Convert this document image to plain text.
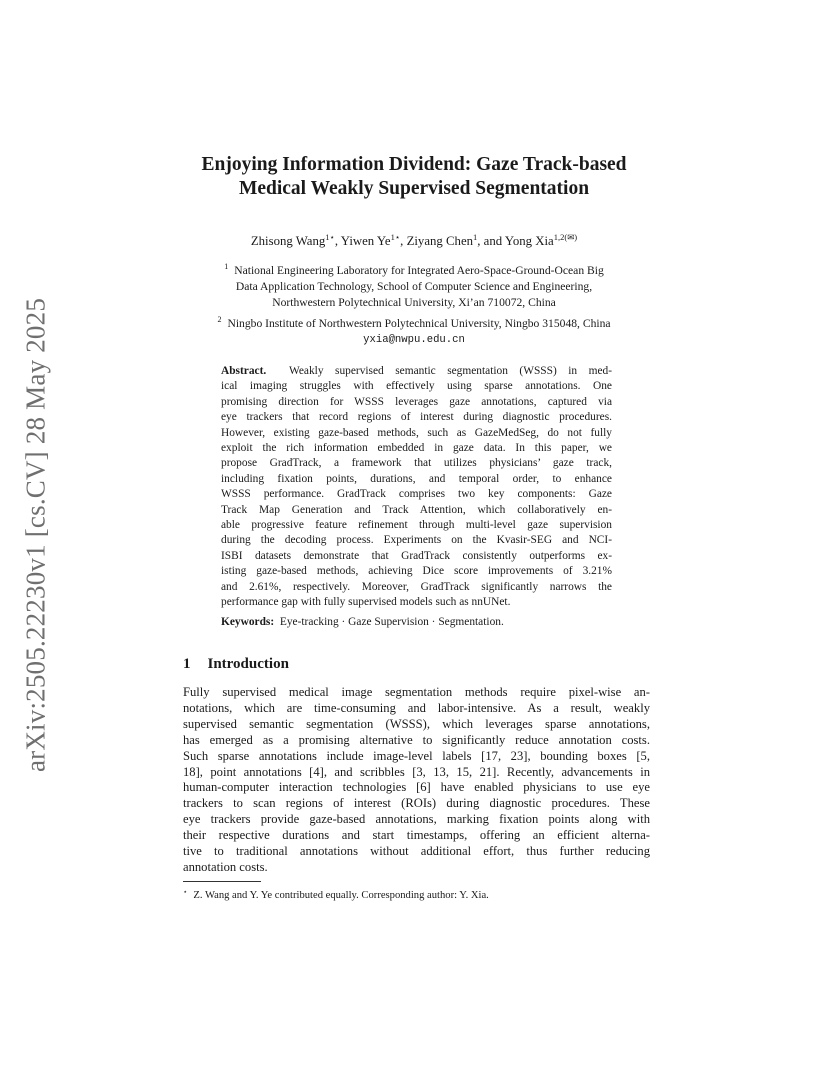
arXiv:2505.22230v1 [cs.CV] 28 May 2025
Enjoying Information Dividend: Gaze Track-based
Medical Weakly Supervised Segmentation
Zhisong Wang$^{1⋆}$, Yiwen $Ye^{1⋆}$, Ziyang Chen$^1$, and Yong Xia$^{1,2(✉)}$
$^1$ National Engineering Laboratory for Integrated Aero-Space-Ground-Ocean Big
Data Application Technology, School of Computer Science and Engineering,
Northwestern Polytechnical University, Xi’an 710072, China
$^2$ Ningbo Institute of Northwestern Polytechnical University, Ningbo 315048, China
yxia@nwpu.edu.cn
Abstract. Weakly supervised semantic segmentation (WSSS) in med-
ical imaging struggles with effectively using sparse annotations. One
promising direction for WSSS leverages gaze annotations, captured via
eye trackers that record regions of interest during diagnostic procedures.
However, existing gaze-based methods, such as GazeMedSeg, do not fully
exploit the rich information embedded in gaze data. In this paper, we
propose GradTrack, a framework that utilizes physicians’ gaze track,
including fixation points, durations, and temporal order, to enhance
WSSS performance. GradTrack comprises two key components: Gaze
Track Map Generation and Track Attention, which collaboratively en-
able progressive feature refinement through multi-level gaze supervision
during the decoding process. Experiments on the Kvasir-SEG and NCI-
ISBI datasets demonstrate that GradTrack consistently outperforms ex-
isting gaze-based methods, achieving Dice score improvements of 3.21%
and 2.61%, respectively. Moreover, GradTrack significantly narrows the
performance gap with fully supervised models such as nnUNet.
Keywords: Eye-tracking · Gaze Supervision · Segmentation.
1 Introduction
Fully supervised medical image segmentation methods require pixel-wise an-
notations, which are time-consuming and labor-intensive. As a result, weakly
supervised semantic segmentation (WSSS), which leverages sparse annotations,
has emerged as a promising alternative to significantly reduce annotation costs.
Such sparse annotations include image-level labels [17, 23], bounding boxes [5,
18], point annotations [4], and scribbles [3, 13, 15, 21]. Recently, advancements in
human-computer interaction technologies [6] have enabled physicians to use eye
trackers to scan regions of interest (ROIs) during diagnostic procedures. These
eye trackers provide gaze-based annotations, marking fixation points along with
their respective durations and start timestamps, offering an efficient alterna-
tive to traditional annotations without additional effort, thus further reducing
annotation costs.
⋆ Z. Wang and Y. Ye contributed equally. Corresponding author: Y. Xia.
